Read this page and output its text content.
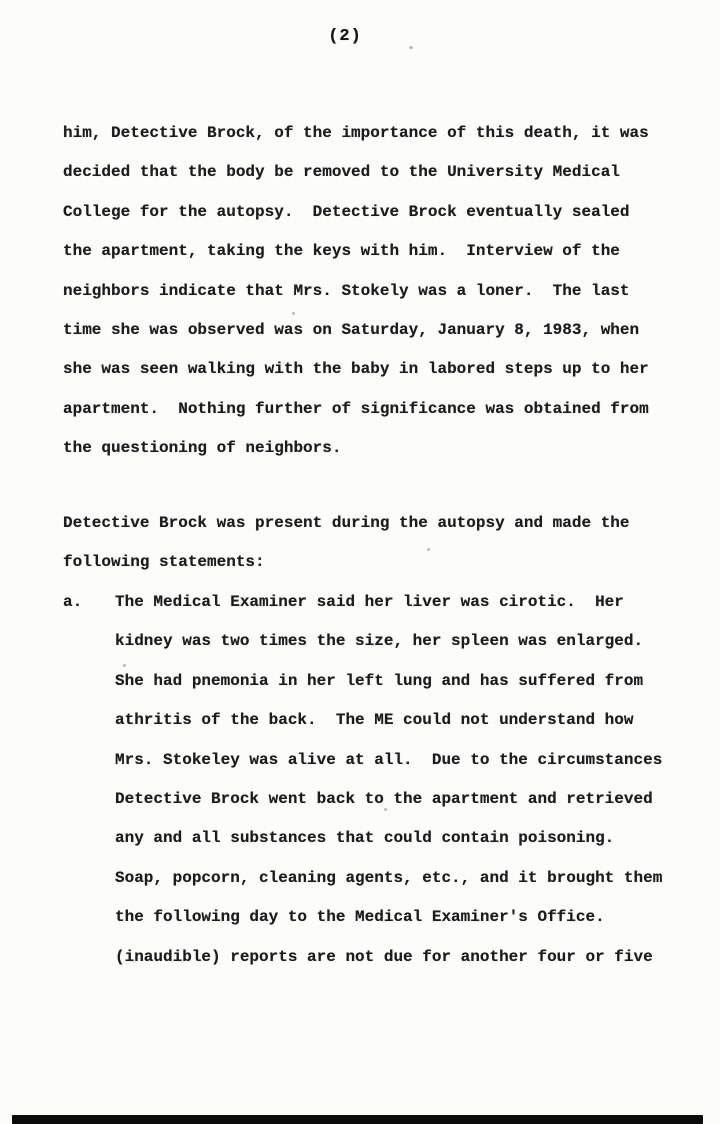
(2)
him, Detective Brock, of the importance of this death, it was
decided that the body be removed to the University Medical
College for the autopsy.  Detective Brock eventually sealed
the apartment, taking the keys with him.  Interview of the
neighbors indicate that Mrs. Stokely was a loner.  The last
time she was observed was on Saturday, January 8, 1983, when
she was seen walking with the baby in labored steps up to her
apartment.  Nothing further of significance was obtained from
the questioning of neighbors.
Detective Brock was present during the autopsy and made the
following statements:
a. The Medical Examiner said her liver was cirotic.  Her
kidney was two times the size, her spleen was enlarged.
She had pnemonia in her left lung and has suffered from
athritis of the back.  The ME could not understand how
Mrs. Stokeley was alive at all.  Due to the circumstances
Detective Brock went back to the apartment and retrieved
any and all substances that could contain poisoning.
Soap, popcorn, cleaning agents, etc., and it brought them
the following day to the Medical Examiner's Office.
(inaudible) reports are not due for another four or five
